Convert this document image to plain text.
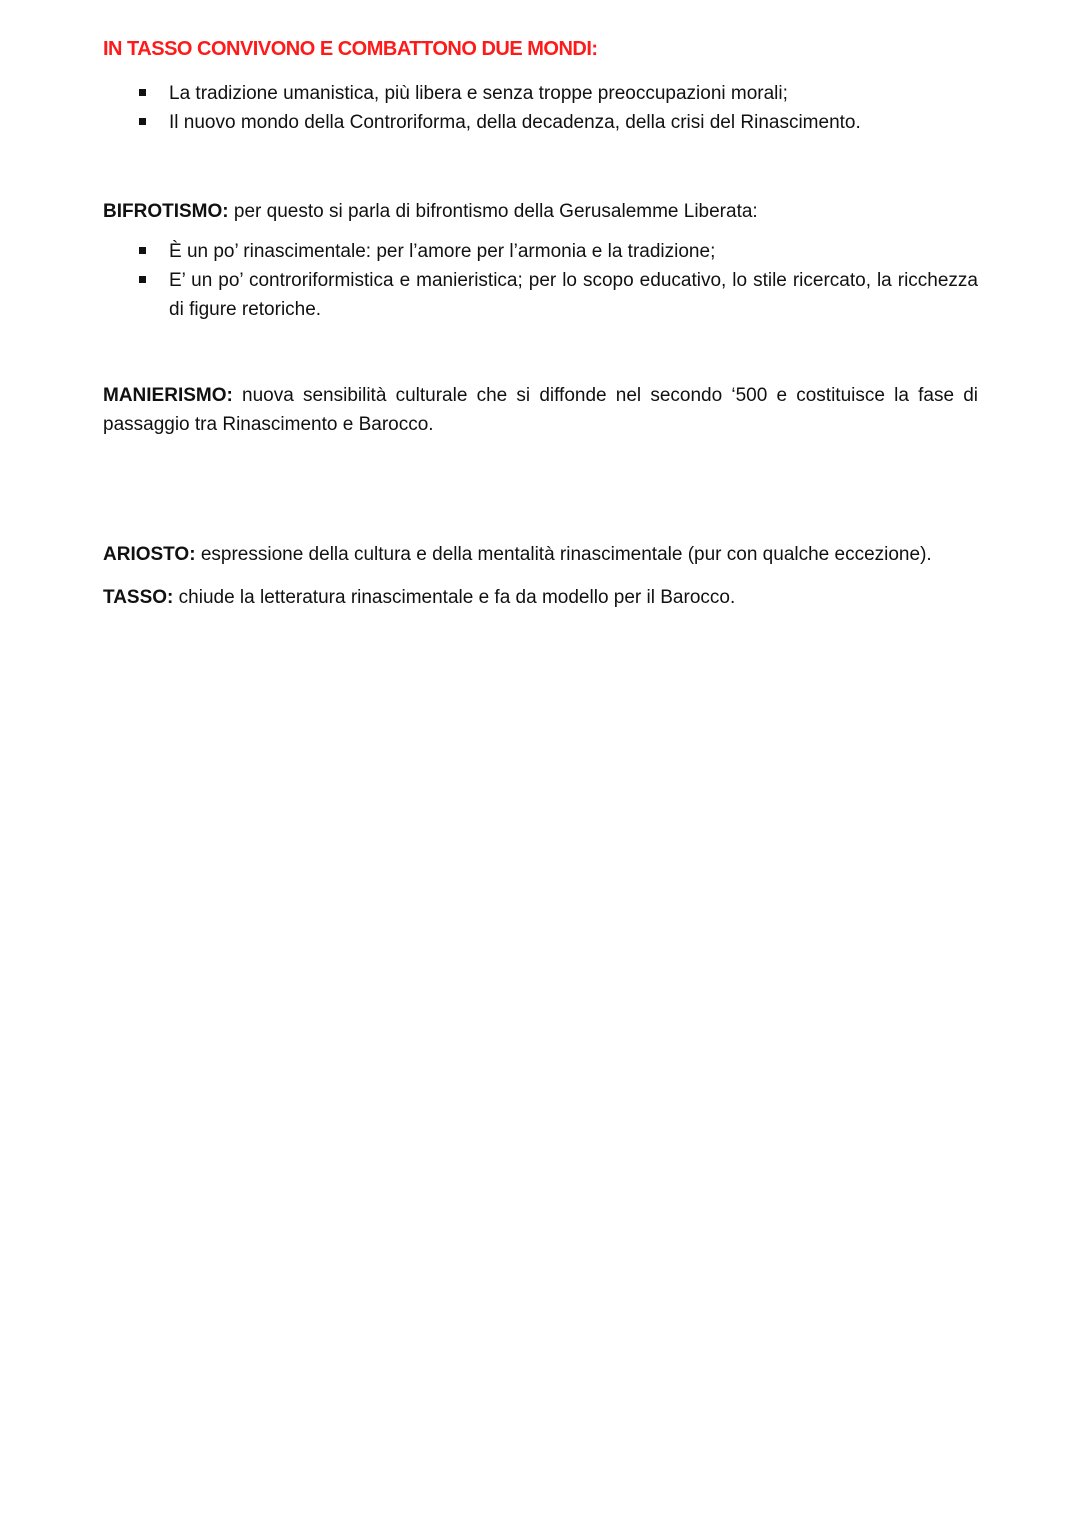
IN TASSO CONVIVONO E COMBATTONO DUE MONDI:
La tradizione umanistica, più libera e senza troppe preoccupazioni morali;
Il nuovo mondo della Controriforma, della decadenza, della crisi del Rinascimento.

BIFROTISMO: per questo si parla di bifrontismo della Gerusalemme Liberata:

È un po’ rinascimentale: per l’amore per l’armonia e la tradizione;
E’ un po’ controriformistica e manieristica; per lo scopo educativo, lo stile ricercato, la ricchezza di figure retoriche.

MANIERISMO: nuova sensibilità culturale che si diffonde nel secondo ‘500 e costituisce la fase di passaggio tra Rinascimento e Barocco.

ARIOSTO: espressione della cultura e della mentalità rinascimentale (pur con qualche eccezione).

TASSO: chiude la letteratura rinascimentale e fa da modello per il Barocco.
